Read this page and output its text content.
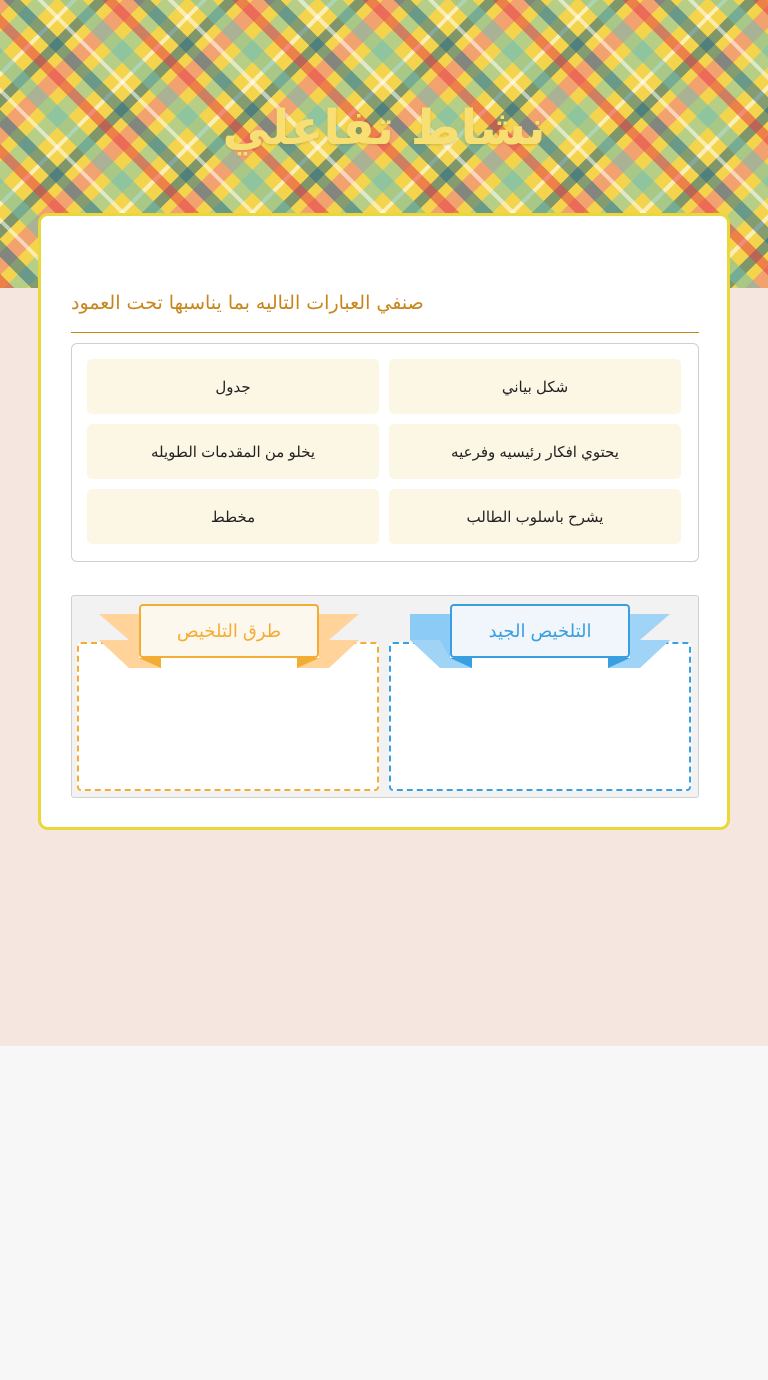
نشاط تفاعلي
صنفي العبارات التاليه بما يناسبها تحت العمود
شكل بياني
جدول
يحتوي افكار رئيسيه وفرعيه
يخلو من المقدمات الطويله
يشرح باسلوب الطالب
مخطط
التلخيص الجيد
طرق التلخيص
